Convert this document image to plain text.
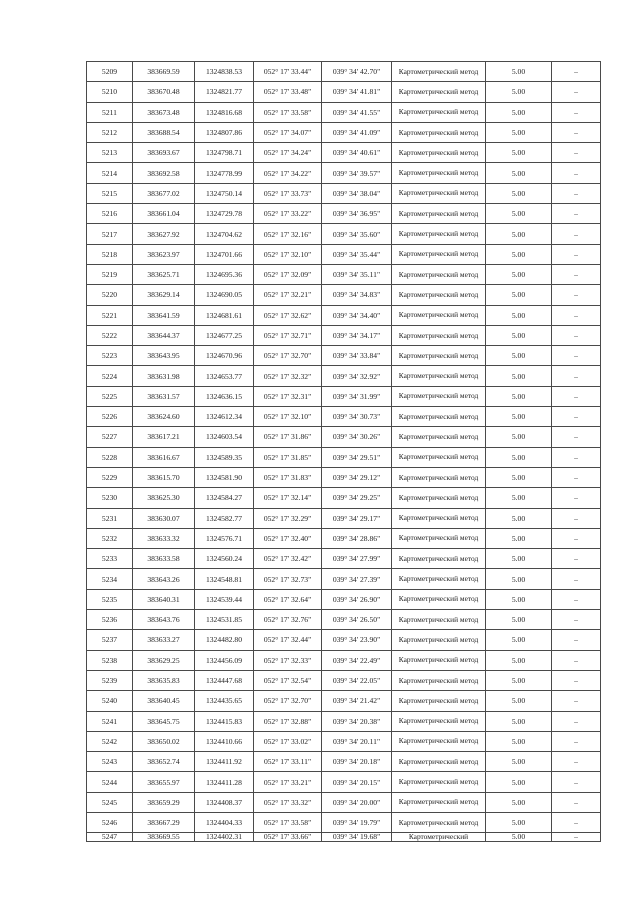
5209	383669.59	1324838.53	052° 17' 33.44"	039° 34' 42.70"	Картометрический метод	5.00	–
5210	383670.48	1324821.77	052° 17' 33.48"	039° 34' 41.81"	Картометрический метод	5.00	–
5211	383673.48	1324816.68	052° 17' 33.58"	039° 34' 41.55"	Картометрический метод	5.00	–
5212	383688.54	1324807.86	052° 17' 34.07"	039° 34' 41.09"	Картометрический метод	5.00	–
5213	383693.67	1324798.71	052° 17' 34.24"	039° 34' 40.61"	Картометрический метод	5.00	–
5214	383692.58	1324778.99	052° 17' 34.22"	039° 34' 39.57"	Картометрический метод	5.00	–
5215	383677.02	1324750.14	052° 17' 33.73"	039° 34' 38.04"	Картометрический метод	5.00	–
5216	383661.04	1324729.78	052° 17' 33.22"	039° 34' 36.95"	Картометрический метод	5.00	–
5217	383627.92	1324704.62	052° 17' 32.16"	039° 34' 35.60"	Картометрический метод	5.00	–
5218	383623.97	1324701.66	052° 17' 32.10"	039° 34' 35.44"	Картометрический метод	5.00	–
5219	383625.71	1324695.36	052° 17' 32.09"	039° 34' 35.11"	Картометрический метод	5.00	–
5220	383629.14	1324690.05	052° 17' 32.21"	039° 34' 34.83"	Картометрический метод	5.00	–
5221	383641.59	1324681.61	052° 17' 32.62"	039° 34' 34.40"	Картометрический метод	5.00	–
5222	383644.37	1324677.25	052° 17' 32.71"	039° 34' 34.17"	Картометрический метод	5.00	–
5223	383643.95	1324670.96	052° 17' 32.70"	039° 34' 33.84"	Картометрический метод	5.00	–
5224	383631.98	1324653.77	052° 17' 32.32"	039° 34' 32.92"	Картометрический метод	5.00	–
5225	383631.57	1324636.15	052° 17' 32.31"	039° 34' 31.99"	Картометрический метод	5.00	–
5226	383624.60	1324612.34	052° 17' 32.10"	039° 34' 30.73"	Картометрический метод	5.00	–
5227	383617.21	1324603.54	052° 17' 31.86"	039° 34' 30.26"	Картометрический метод	5.00	–
5228	383616.67	1324589.35	052° 17' 31.85"	039° 34' 29.51"	Картометрический метод	5.00	–
5229	383615.70	1324581.90	052° 17' 31.83"	039° 34' 29.12"	Картометрический метод	5.00	–
5230	383625.30	1324584.27	052° 17' 32.14"	039° 34' 29.25"	Картометрический метод	5.00	–
5231	383630.07	1324582.77	052° 17' 32.29"	039° 34' 29.17"	Картометрический метод	5.00	–
5232	383633.32	1324576.71	052° 17' 32.40"	039° 34' 28.86"	Картометрический метод	5.00	–
5233	383633.58	1324560.24	052° 17' 32.42"	039° 34' 27.99"	Картометрический метод	5.00	–
5234	383643.26	1324548.81	052° 17' 32.73"	039° 34' 27.39"	Картометрический метод	5.00	–
5235	383640.31	1324539.44	052° 17' 32.64"	039° 34' 26.90"	Картометрический метод	5.00	–
5236	383643.76	1324531.85	052° 17' 32.76"	039° 34' 26.50"	Картометрический метод	5.00	–
5237	383633.27	1324482.80	052° 17' 32.44"	039° 34' 23.90"	Картометрический метод	5.00	–
5238	383629.25	1324456.09	052° 17' 32.33"	039° 34' 22.49"	Картометрический метод	5.00	–
5239	383635.83	1324447.68	052° 17' 32.54"	039° 34' 22.05"	Картометрический метод	5.00	–
5240	383640.45	1324435.65	052° 17' 32.70"	039° 34' 21.42"	Картометрический метод	5.00	–
5241	383645.75	1324415.83	052° 17' 32.88"	039° 34' 20.38"	Картометрический метод	5.00	–
5242	383650.02	1324410.66	052° 17' 33.02"	039° 34' 20.11"	Картометрический метод	5.00	–
5243	383652.74	1324411.92	052° 17' 33.11"	039° 34' 20.18"	Картометрический метод	5.00	–
5244	383655.97	1324411.28	052° 17' 33.21"	039° 34' 20.15"	Картометрический метод	5.00	–
5245	383659.29	1324408.37	052° 17' 33.32"	039° 34' 20.00"	Картометрический метод	5.00	–
5246	383667.29	1324404.33	052° 17' 33.58"	039° 34' 19.79"	Картометрический метод	5.00	–
5247	383669.55	1324402.31	052° 17' 33.66"	039° 34' 19.68"	Картометрический	5.00	–
